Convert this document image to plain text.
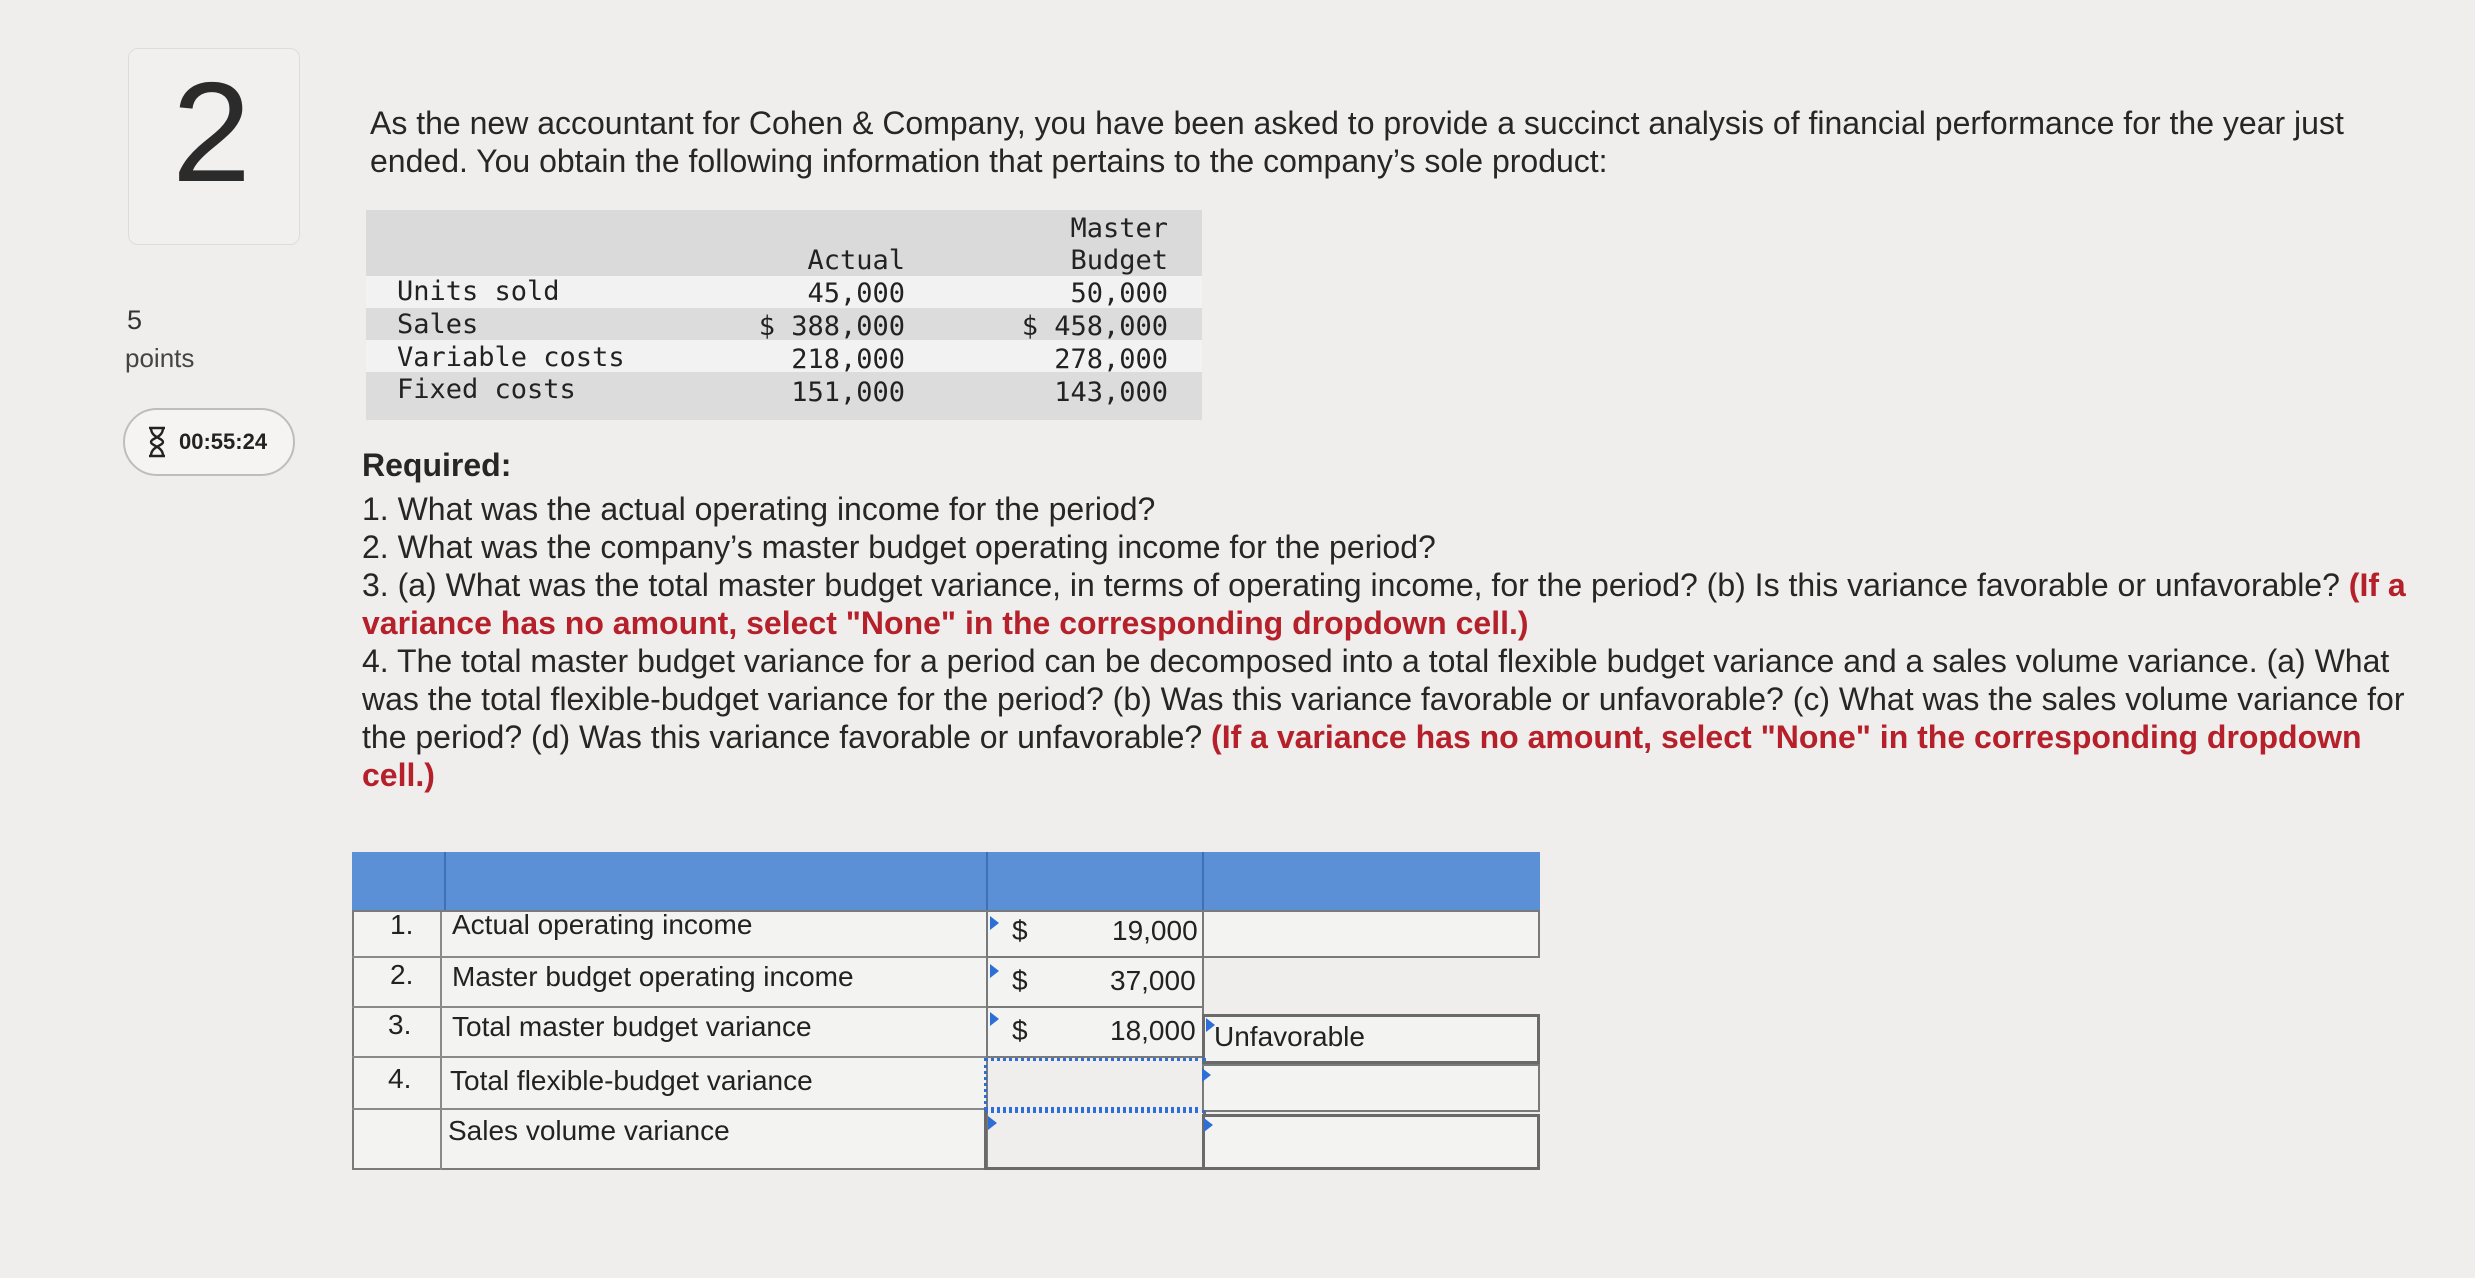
2
5
points
00:55:24
As the new accountant for Cohen & Company, you have been asked to provide a succinct analysis of financial performance for the year just ended. You obtain the following information that pertains to the company’s sole product:
Actual
Master
Budget
Units sold	45,000	50,000
Sales	$ 388,000	$ 458,000
Variable costs	218,000	278,000
Fixed costs	151,000	143,000

Required:

1. What was the actual operating income for the period?

2. What was the company’s master budget operating income for the period?

3. (a) What was the total master budget variance, in terms of operating income, for the period? (b) Is this variance favorable or unfavorable? (If a variance has no amount, select "None" in the corresponding dropdown cell.)

4. The total master budget variance for a period can be decomposed into a total flexible budget variance and a sales volume variance. (a) What was the total flexible-budget variance for the period? (b) Was this variance favorable or unfavorable? (c) What was the sales volume variance for the period? (d) Was this variance favorable or unfavorable? (If a variance has no amount, select "None" in the corresponding dropdown cell.)

1. Actual operating income	$	19,000
2. Master budget operating income	$	37,000
3. Total master budget variance	$	18,000 Unfavorable
4. Total flexible-budget variance
Sales volume variance
